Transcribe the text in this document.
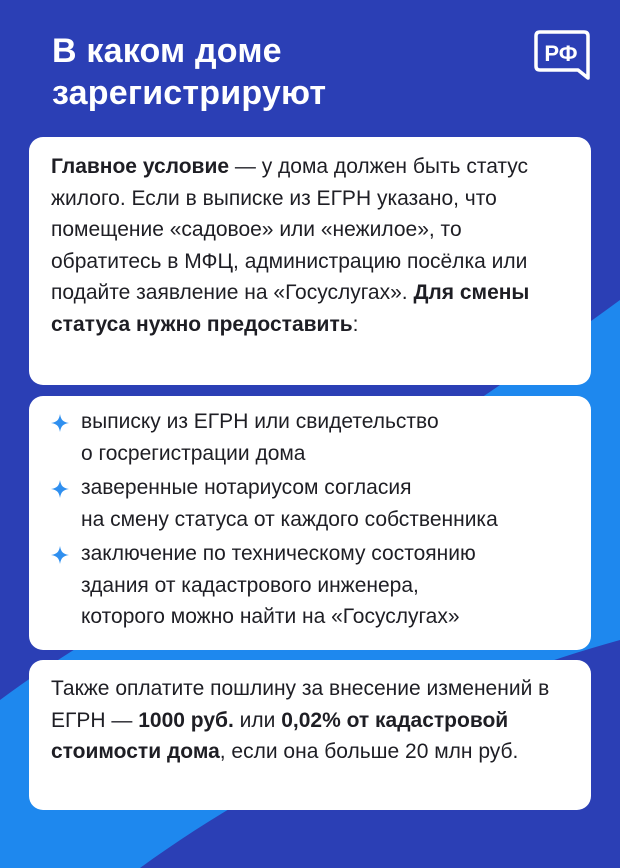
В каком доме
зарегистрируют
РФ

Главное условие — у дома должен быть статус жилого. Если в выписке из ЕГРН указано, что помещение «садовое» или «нежилое», то обратитесь в МФЦ, администрацию посёлка или подайте заявление на «Госуслугах». Для смены статуса нужно предоставить:

выписку из ЕГРН или свидетельство
о госрегистрации дома
заверенные нотариусом согласия
на смену статуса от каждого собственника
заключение по техническому состоянию
здания от кадастрового инженера,
которого можно найти на «Госуслугах»

Также оплатите пошлину за внесение изменений в ЕГРН — 1000 руб. или 0,02% от кадастровой стоимости дома, если она больше 20 млн руб.
